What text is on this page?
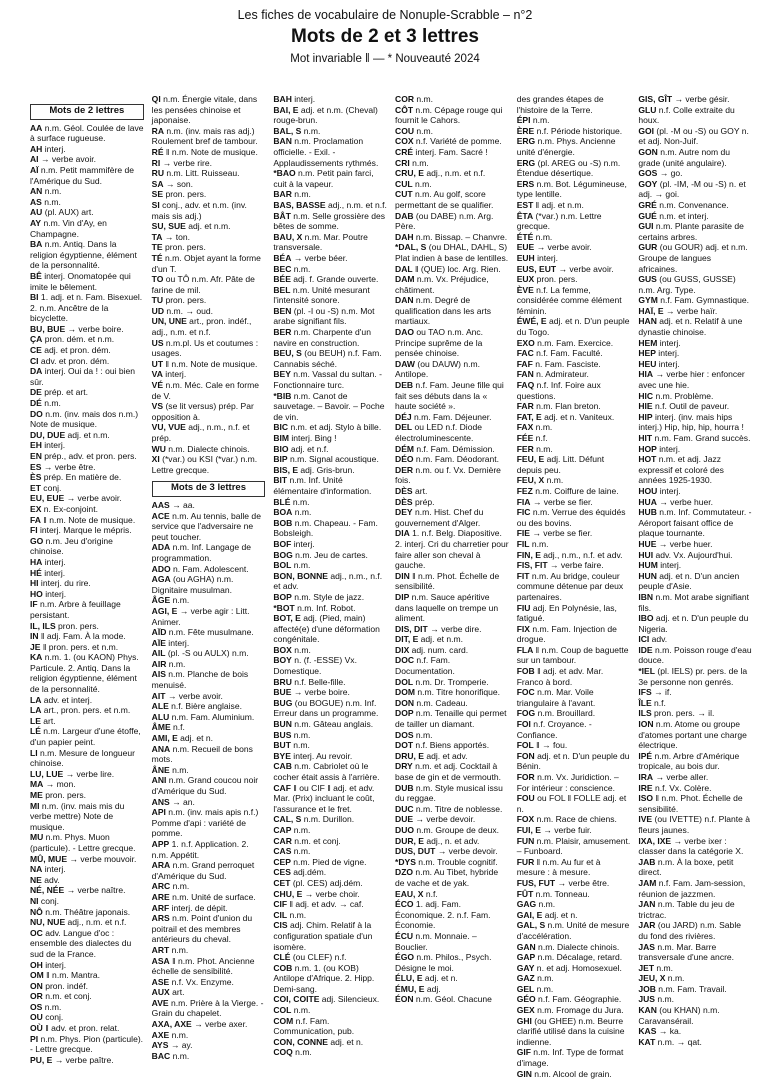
Les fiches de vocabulaire de Nonuple-Scrabble – n°2
Mots de 2 et 3 lettres
Mot invariable ‖ — * Nouveauté 2024
Mots de 2 lettres
AA n.m. Géol. Coulée de lave à surface rugueuse.
AH interj.
AI → verbe avoir.
AÏ n.m. Petit mammifère de l'Amérique du Sud.
AN n.m.
AS n.m.
AU (pl. AUX) art.
AY n.m. Vin d'Ay, en Champagne.
BA n.m. Antiq. Dans la religion égyptienne, élément de la personnalité.
BÊ interj. Onomatopée qui imite le bêlement.
BI 1. adj. et n. Fam. Bisexuel. 2. n.m. Ancêtre de la bicyclette.
BU, BUE → verbe boire.
ÇA pron. dém. et n.m.
CE adj. et pron. dém.
CI adv. et pron. dém.
DA interj. Oui da ! : oui bien sûr.
DE prép. et art.
DÉ n.m.
DO n.m. (inv. mais dos n.m.) Note de musique.
DU, DUE adj. et n.m.
EH interj.
EN prép., adv. et pron. pers.
ES → verbe être.
ÈS prép. En matière de.
ET conj.
EU, EUE → verbe avoir.
EX n. Ex-conjoint.
FA ‖ n.m. Note de musique.
FI interj. Marque le mépris.
GO n.m. Jeu d'origine chinoise.
HA interj.
HÉ interj.
HI interj. du rire.
HO interj.
IF n.m. Arbre à feuillage persistant.
IL, ILS pron. pers.
IN ‖ adj. Fam. À la mode.
JE ‖ pron. pers. et n.m.
KA n.m. 1. (ou KAON) Phys. Particule. 2. Antiq. Dans la religion égyptienne, élément de la personnalité.
LA adv. et interj.
LA art., pron. pers. et n.m.
LE art.
LÉ n.m. Largeur d'une étoffe, d'un papier peint.
LI n.m. Mesure de longueur chinoise.
LU, LUE → verbe lire.
MA → mon.
ME pron. pers.
MI n.m. (inv. mais mis du verbe mettre) Note de musique.
MU n.m. Phys. Muon (particule). - Lettre grecque.
MÛ, MUE → verbe mouvoir.
NA interj.
NE adv.
NÉ, NÉE → verbe naître.
NI conj.
NÔ n.m. Théâtre japonais.
NU, NUE adj., n.m. et n.f.
OC adv. Langue d'oc : ensemble des dialectes du sud de la France.
OH interj.
OM ‖ n.m. Mantra.
ON pron. indéf.
OR n.m. et conj.
OS n.m.
OU conj.
OÙ ‖ adv. et pron. relat.
PI n.m. Phys. Pion (particule). - Lettre grecque.
PU, E → verbe paître.
QI n.m. Énergie vitale, dans les pensées chinoise et japonaise.
RA n.m. (inv. mais ras adj.) Roulement bref de tambour.
RÉ ‖ n.m. Note de musique.
RI → verbe rire.
RU n.m. Litt. Ruisseau.
SA → son.
SE pron. pers.
SI conj., adv. et n.m. (inv. mais sis adj.)
SU, SUE adj. et n.m.
TA → ton.
TE pron. pers.
TÉ n.m. Objet ayant la forme d'un T.
TO ou TÔ n.m. Afr. Pâte de farine de mil.
TU pron. pers.
UD n.m. → oud.
UN, UNE art., pron. indéf., adj., n.m. et n.f.
US n.m.pl. Us et coutumes : usages.
UT ‖ n.m. Note de musique.
VA interj.
VÉ n.m. Méc. Cale en forme de V.
VS (se lit versus) prép. Par opposition à.
VU, VUE adj., n.m., n.f. et prép.
WU n.m. Dialecte chinois.
XI (*var.) ou KSI (*var.) n.m. Lettre grecque.
Mots de 3 lettres
AAS → aa.
ACE n.m. Au tennis, balle de service que l'adversaire ne peut toucher.
ADA n.m. Inf. Langage de programmation.
ADO n. Fam. Adolescent.
AGA (ou AGHA) n.m. Dignitaire musulman.
ÂGE n.m.
AGI, E → verbe agir : Litt. Animer.
AÏD n.m. Fête musulmane.
AÏE interj.
AIL (pl. -S ou AULX) n.m.
AIR n.m.
AIS n.m. Planche de bois menuisé.
AIT → verbe avoir.
ALE n.f. Bière anglaise.
ALU n.m. Fam. Aluminium.
ÂME n.f.
AMI, E adj. et n.
ANA n.m. Recueil de bons mots.
ÂNE n.m.
ANI n.m. Grand coucou noir d'Amérique du Sud.
ANS → an.
API n.m. (inv. mais apis n.f.) Pomme d'api : variété de pomme.
APP 1. n.f. Application. 2. n.m. Appétit.
ARA n.m. Grand perroquet d'Amérique du Sud.
ARC n.m.
ARE n.m. Unité de surface.
ARF interj. de dépit.
ARS n.m. Point d'union du poitrail et des membres antérieurs du cheval.
ART n.m.
ASA ‖ n.m. Phot. Ancienne échelle de sensibilité.
ASE n.f. Vx. Enzyme.
AUX art.
AVE n.m. Prière à la Vierge. - Grain du chapelet.
AXA, AXE → verbe axer.
AXE n.m.
AYS → ay.
BAC n.m.
BAH interj.
BAI, E adj. et n.m. (Cheval) rouge-brun.
BAL, S n.m.
BAN n.m. Proclamation officielle. - Exil. - Applaudissements rythmés.
*BAO n.m. Petit pain farci, cuit à la vapeur.
BAR n.m.
BAS, BASSE adj., n.m. et n.f.
BÂT n.m. Selle grossière des bêtes de somme.
BAU, X n.m. Mar. Poutre transversale.
BÉA → verbe béer.
BEC n.m.
BÉE adj. f. Grande ouverte.
BEL n.m. Unité mesurant l'intensité sonore.
BEN (pl. -I ou -S) n.m. Mot arabe signifiant fils.
BER n.m. Charpente d'un navire en construction.
BEU, S (ou BEUH) n.f. Fam. Cannabis séché.
BEY n.m. Vassal du sultan. - Fonctionnaire turc.
*BIB n.m. Canot de sauvetage. – Bavoir. – Poche de vin.
BIC n.m. et adj. Stylo à bille.
BIM interj. Bing !
BIO adj. et n.f.
BIP n.m. Signal acoustique.
BIS, E adj. Gris-brun.
BIT n.m. Inf. Unité élémentaire d'information.
BLÉ n.m.
BOA n.m.
BOB n.m. Chapeau. - Fam. Bobsleigh.
BOF interj.
BOG n.m. Jeu de cartes.
BOL n.m.
BON, BONNE adj., n.m., n.f. et adv.
BOP n.m. Style de jazz.
*BOT n.m. Inf. Robot.
BOT, E adj. (Pied, main) affecté(e) d'une déformation congénitale.
BOX n.m.
BOY n. (f. -ESSE) Vx. Domestique.
BRU n.f. Belle-fille.
BUE → verbe boire.
BUG (ou BOGUE) n.m. Inf. Erreur dans un programme.
BUN n.m. Gâteau anglais.
BUS n.m.
BUT n.m.
BYE interj. Au revoir.
CAB n.m. Cabriolet où le cocher était assis à l'arrière.
CAF ‖ ou CIF ‖ adj. et adv. Mar. (Prix) incluant le coût, l'assurance et le fret.
CAL, S n.m. Durillon.
CAP n.m.
CAR n.m. et conj.
CAS n.m.
CEP n.m. Pied de vigne.
CES adj.dém.
CET (pl. CES) adj.dém.
CHU, E → verbe choir.
CIF ‖ adj. et adv. → caf.
CIL n.m.
CIS adj. Chim. Relatif à la configuration spatiale d'un isomère.
CLÉ (ou CLEF) n.f.
COB n.m. 1. (ou KOB) Antilope d'Afrique. 2. Hipp. Demi-sang.
COI, COITE adj. Silencieux.
COL n.m.
COM n.f. Fam. Communication, pub.
CON, CONNE adj. et n.
COQ n.m.
COR n.m.
CÔT n.m. Cépage rouge qui fournit le Cahors.
COU n.m.
COX n.f. Variété de pomme.
CRÉ interj. Fam. Sacré !
CRI n.m.
CRU, E adj., n.m. et n.f.
CUL n.m.
CUT n.m. Au golf, score permettant de se qualifier.
DAB (ou DABE) n.m. Arg. Père.
DAH n.m. Bissap. – Chanvre.
*DAL, S (ou DHAL, DAHL, S) Plat indien à base de lentilles.
DAL ‖ (QUE) loc. Arg. Rien.
DAM n.m. Vx. Préjudice, châtiment.
DAN n.m. Degré de qualification dans les arts martiaux.
DAO ou TAO n.m. Anc. Principe suprême de la pensée chinoise.
DAW (ou DAUW) n.m. Antilope.
DEB n.f. Fam. Jeune fille qui fait ses débuts dans la « haute société ».
DÉJ n.m. Fam. Déjeuner.
DEL ou LED n.f. Diode électroluminescente.
DÉM n.f. Fam. Démission.
DÉO n.m. Fam. Déodorant.
DER n.m. ou f. Vx. Dernière fois.
DÈS art.
DÈS prép.
DEY n.m. Hist. Chef du gouvernement d'Alger.
DIA 1. n.f. Belg. Diapositive. 2. interj. Cri du charretier pour faire aller son cheval à gauche.
DIN ‖ n.m. Phot. Échelle de sensibilité.
DIP n.m. Sauce apéritive dans laquelle on trempe un aliment.
DIS, DIT → verbe dire.
DIT, E adj. et n.m.
DIX adj. num. card.
DOC n.f. Fam. Documentation.
DOL n.m. Dr. Tromperie.
DOM n.m. Titre honorifique.
DON n.m. Cadeau.
DOP n.m. Tenaille qui permet de tailler un diamant.
DOS n.m.
DOT n.f. Biens apportés.
DRU, E adj. et adv.
DRY n.m. et adj. Cocktail à base de gin et de vermouth.
DUB n.m. Style musical issu du reggae.
DUC n.m. Titre de noblesse.
DUE → verbe devoir.
DUO n.m. Groupe de deux.
DUR, E adj., n. et adv.
DUS, DUT → verbe devoir.
*DYS n.m. Trouble cognitif.
DZO n.m. Au Tibet, hybride de vache et de yak.
EAU, X n.f.
ÉCO 1. adj. Fam. Économique. 2. n.f. Fam. Économie.
ÉCU n.m. Monnaie. – Bouclier.
ÉGO n.m. Philos., Psych. Désigne le moi.
ÉLU, E adj. et n.
ÉMU, E adj.
ÉON n.m. Géol. Chacune
des grandes étapes de l'histoire de la Terre.
ÉPI n.m.
ÈRE n.f. Période historique.
ERG n.m. Phys. Ancienne unité d'énergie.
ERG (pl. AREG ou -S) n.m. Étendue désertique.
ERS n.m. Bot. Légumineuse, type lentille.
EST ‖ adj. et n.m.
ÊTA (*var.) n.m. Lettre grecque.
ÉTÉ n.m.
EUE → verbe avoir.
EUH interj.
EUS, EUT → verbe avoir.
EUX pron. pers.
ÈVE n.f. La femme, considérée comme élément féminin.
ÉWÉ, E adj. et n. D'un peuple du Togo.
EXO n.m. Fam. Exercice.
FAC n.f. Fam. Faculté.
FAF n. Fam. Fasciste.
FAN n. Admirateur.
FAQ n.f. Inf. Foire aux questions.
FAR n.m. Flan breton.
FAT, E adj. et n. Vaniteux.
FAX n.m.
FÉE n.f.
FER n.m.
FEU, E adj. Litt. Défunt depuis peu.
FEU, X n.m.
FEZ n.m. Coiffure de laine.
FIA → verbe se fier.
FIC n.m. Verrue des équidés ou des bovins.
FIE → verbe se fier.
FIL n.m.
FIN, E adj., n.m., n.f. et adv.
FIS, FIT → verbe faire.
FIT n.m. Au bridge, couleur commune détenue par deux partenaires.
FIU adj. En Polynésie, las, fatigué.
FIX n.m. Fam. Injection de drogue.
FLA ‖ n.m. Coup de baguette sur un tambour.
FOB ‖ adj. et adv. Mar. Franco à bord.
FOC n.m. Mar. Voile triangulaire à l'avant.
FOG n.m. Brouillard.
FOI n.f. Croyance. - Confiance.
FOL ‖ → fou.
FON adj. et n. D'un peuple du Bénin.
FOR n.m. Vx. Juridiction. – For intérieur : conscience.
FOU ou FOL ‖ FOLLE adj. et n.
FOX n.m. Race de chiens.
FUI, E → verbe fuir.
FUN n.m. Plaisir, amusement. – Funboard.
FUR ‖ n.m. Au fur et à mesure : à mesure.
FUS, FUT → verbe être.
FÛT n.m. Tonneau.
GAG n.m.
GAI, E adj. et n.
GAL, S n.m. Unité de mesure d'accélération.
GAN n.m. Dialecte chinois.
GAP n.m. Décalage, retard.
GAY n. et adj. Homosexuel.
GAZ n.m.
GEL n.m.
GÉO n.f. Fam. Géographie.
GEX n.m. Fromage du Jura.
GHI (ou GHEE) n.m. Beurre clarifié utilisé dans la cuisine indienne.
GIF n.m. Inf. Type de format d'image.
GIN n.m. Alcool de grain.
GIS, GÎT → verbe gésir.
GLU n.f. Colle extraite du houx.
GOI (pl. -M ou -S) ou GOY n. et adj. Non-Juif.
GON n.m. Autre nom du grade (unité angulaire).
GOS → go.
GOY (pl. -IM, -M ou -S) n. et adj. → goi.
GRÉ n.m. Convenance.
GUÉ n.m. et interj.
GUI n.m. Plante parasite de certains arbres.
GUR (ou GOUR) adj. et n.m. Groupe de langues africaines.
GUS (ou GUSS, GUSSE) n.m. Arg. Type.
GYM n.f. Fam. Gymnastique.
HAÏ, E → verbe haïr.
HAN adj. et n. Relatif à une dynastie chinoise.
HEM interj.
HEP interj.
HEU interj.
HIA → verbe hier : enfoncer avec une hie.
HIC n.m. Problème.
HIE n.f. Outil de paveur.
HIP interj. (inv. mais hips interj.) Hip, hip, hip, hourra !
HIT n.m. Fam. Grand succès.
HOP interj.
HOT n.m. et adj. Jazz expressif et coloré des années 1925-1930.
HOU interj.
HUA → verbe huer.
HUB n.m. Inf. Commutateur. - Aéroport faisant office de plaque tournante.
HUE → verbe huer.
HUI adv. Vx. Aujourd'hui.
HUM interj.
HUN adj. et n. D'un ancien peuple d'Asie.
IBN n.m. Mot arabe signifiant fils.
IBO adj. et n. D'un peuple du Nigeria.
ICI adv.
IDE n.m. Poisson rouge d'eau douce.
*IEL (pl. IELS) pr. pers. de la 3e personne non genrés.
IFS → if.
ÎLE n.f.
ILS pron. pers. → il.
ION n.m. Atome ou groupe d'atomes portant une charge électrique.
IPÉ n.m. Arbre d'Amérique tropicale, au bois dur.
IRA → verbe aller.
IRE n.f. Vx. Colère.
ISO ‖ n.m. Phot. Échelle de sensibilité.
IVE (ou IVETTE) n.f. Plante à fleurs jaunes.
IXA, IXE → verbe ixer : classer dans la catégorie X.
JAB n.m. À la boxe, petit direct.
JAM n.f. Fam. Jam-session, réunion de jazzmen.
JAN n.m. Table du jeu de trictrac.
JAR (ou JARD) n.m. Sable du fond des rivières.
JAS n.m. Mar. Barre transversale d'une ancre.
JET n.m.
JEU, X n.m.
JOB n.m. Fam. Travail.
JUS n.m.
KAN (ou KHAN) n.m. Caravansérail.
KAS → ka.
KAT n.m. → qat.
